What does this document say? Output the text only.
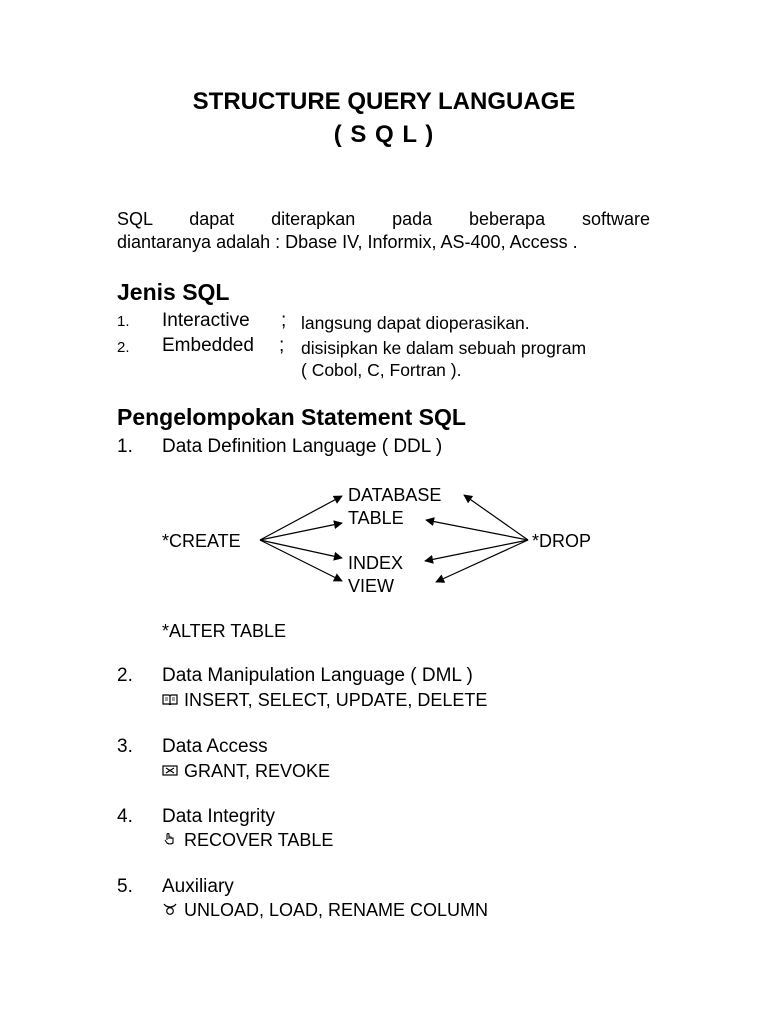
STRUCTURE QUERY LANGUAGE
( S Q L )
SQL dapat diterapkan pada beberapa software
diantaranya adalah : Dbase IV, Informix, AS-400, Access .
Jenis SQL
1. Interactive ; langsung dapat dioperasikan.
2. Embedded ; disisipkan ke dalam sebuah program
( Cobol, C, Fortran ).
Pengelompokan Statement SQL
1. Data Definition Language ( DDL )
DATABASE
TABLE
*CREATE	*DROP
INDEX
VIEW
*ALTER TABLE
2. Data Manipulation Language ( DML )
INSERT, SELECT, UPDATE, DELETE
3. Data Access
GRANT, REVOKE
4. Data Integrity
RECOVER TABLE
5. Auxiliary
UNLOAD, LOAD, RENAME COLUMN
